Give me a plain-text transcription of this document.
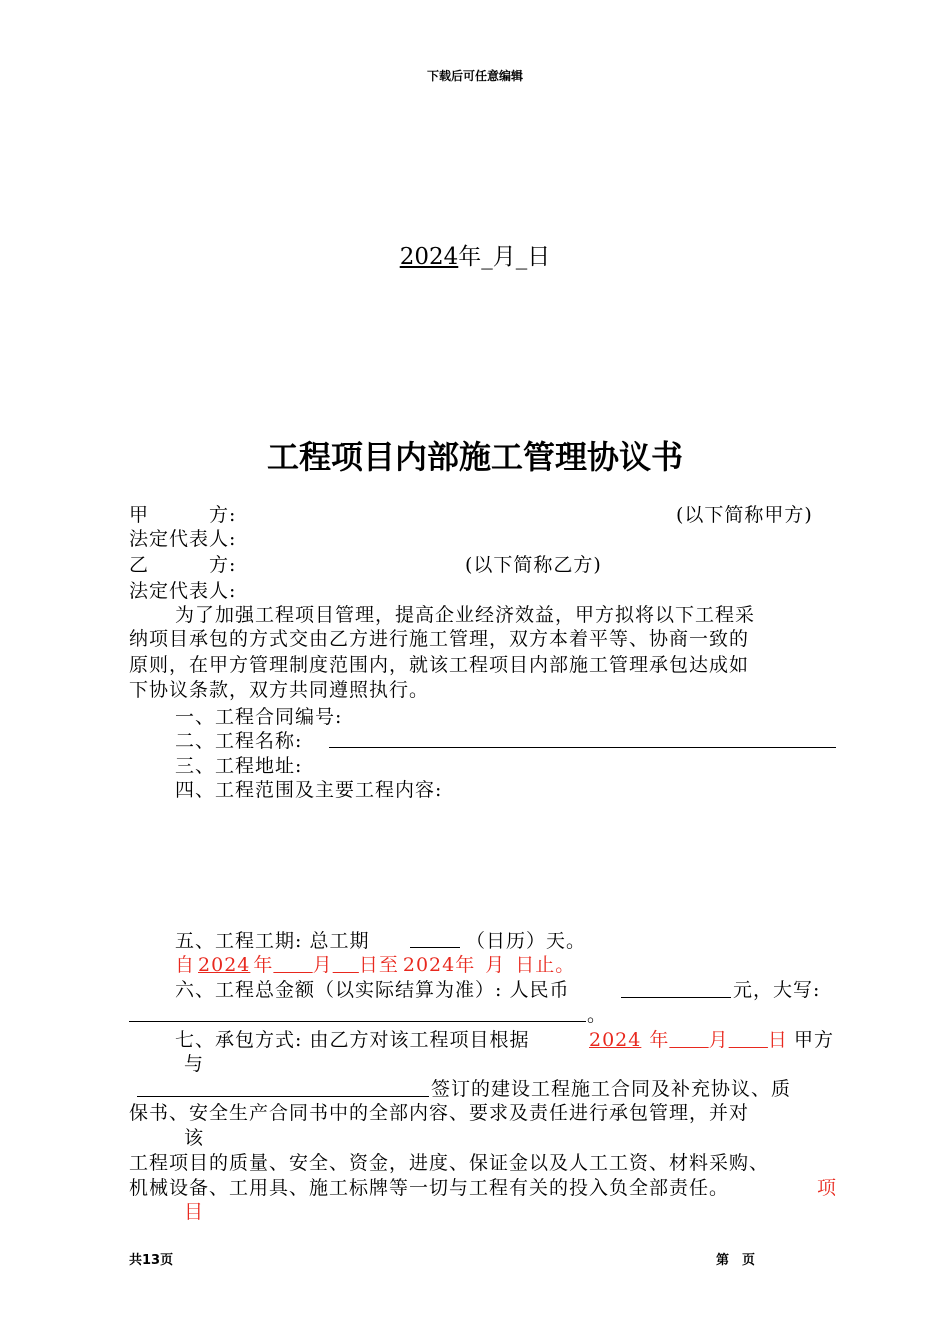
下载后可任意编辑
2024年_月_日
工程项目内部施工管理协议书
甲　　　方:	(以下简称甲方)
法定代表人:
乙　　　方:	(以下简称乙方)
法定代表人:
为了加强工程项目管理，提高企业经济效益，甲方拟将以下工程采
纳项目承包的方式交由乙方进行施工管理，双方本着平等、协商一致的
原则，在甲方管理制度范围内，就该工程项目内部施工管理承包达成如
下协议条款，双方共同遵照执行。
一、工程合同编号:
二、工程名称:
三、工程地址:
四、工程范围及主要工程内容:
五、工程工期: 总工期	（日历）天。
自 2024 年    月   日至 2024年 月 日止。
六、工程总金额（以实际结算为准）: 人民币	元，大写:
。
七、承包方式: 由乙方对该工程项目根据	2024 年    月    日 甲方
与
签订的建设工程施工合同及补充协议、质
保书、安全生产合同书中的全部内容、要求及责任进行承包管理，并对
该
工程项目的质量、安全、资金，进度、保证金以及人工工资、材料采购、
机械设备、工用具、施工标牌等一切与工程有关的投入负全部责任。	项
目
共13页	第　页
